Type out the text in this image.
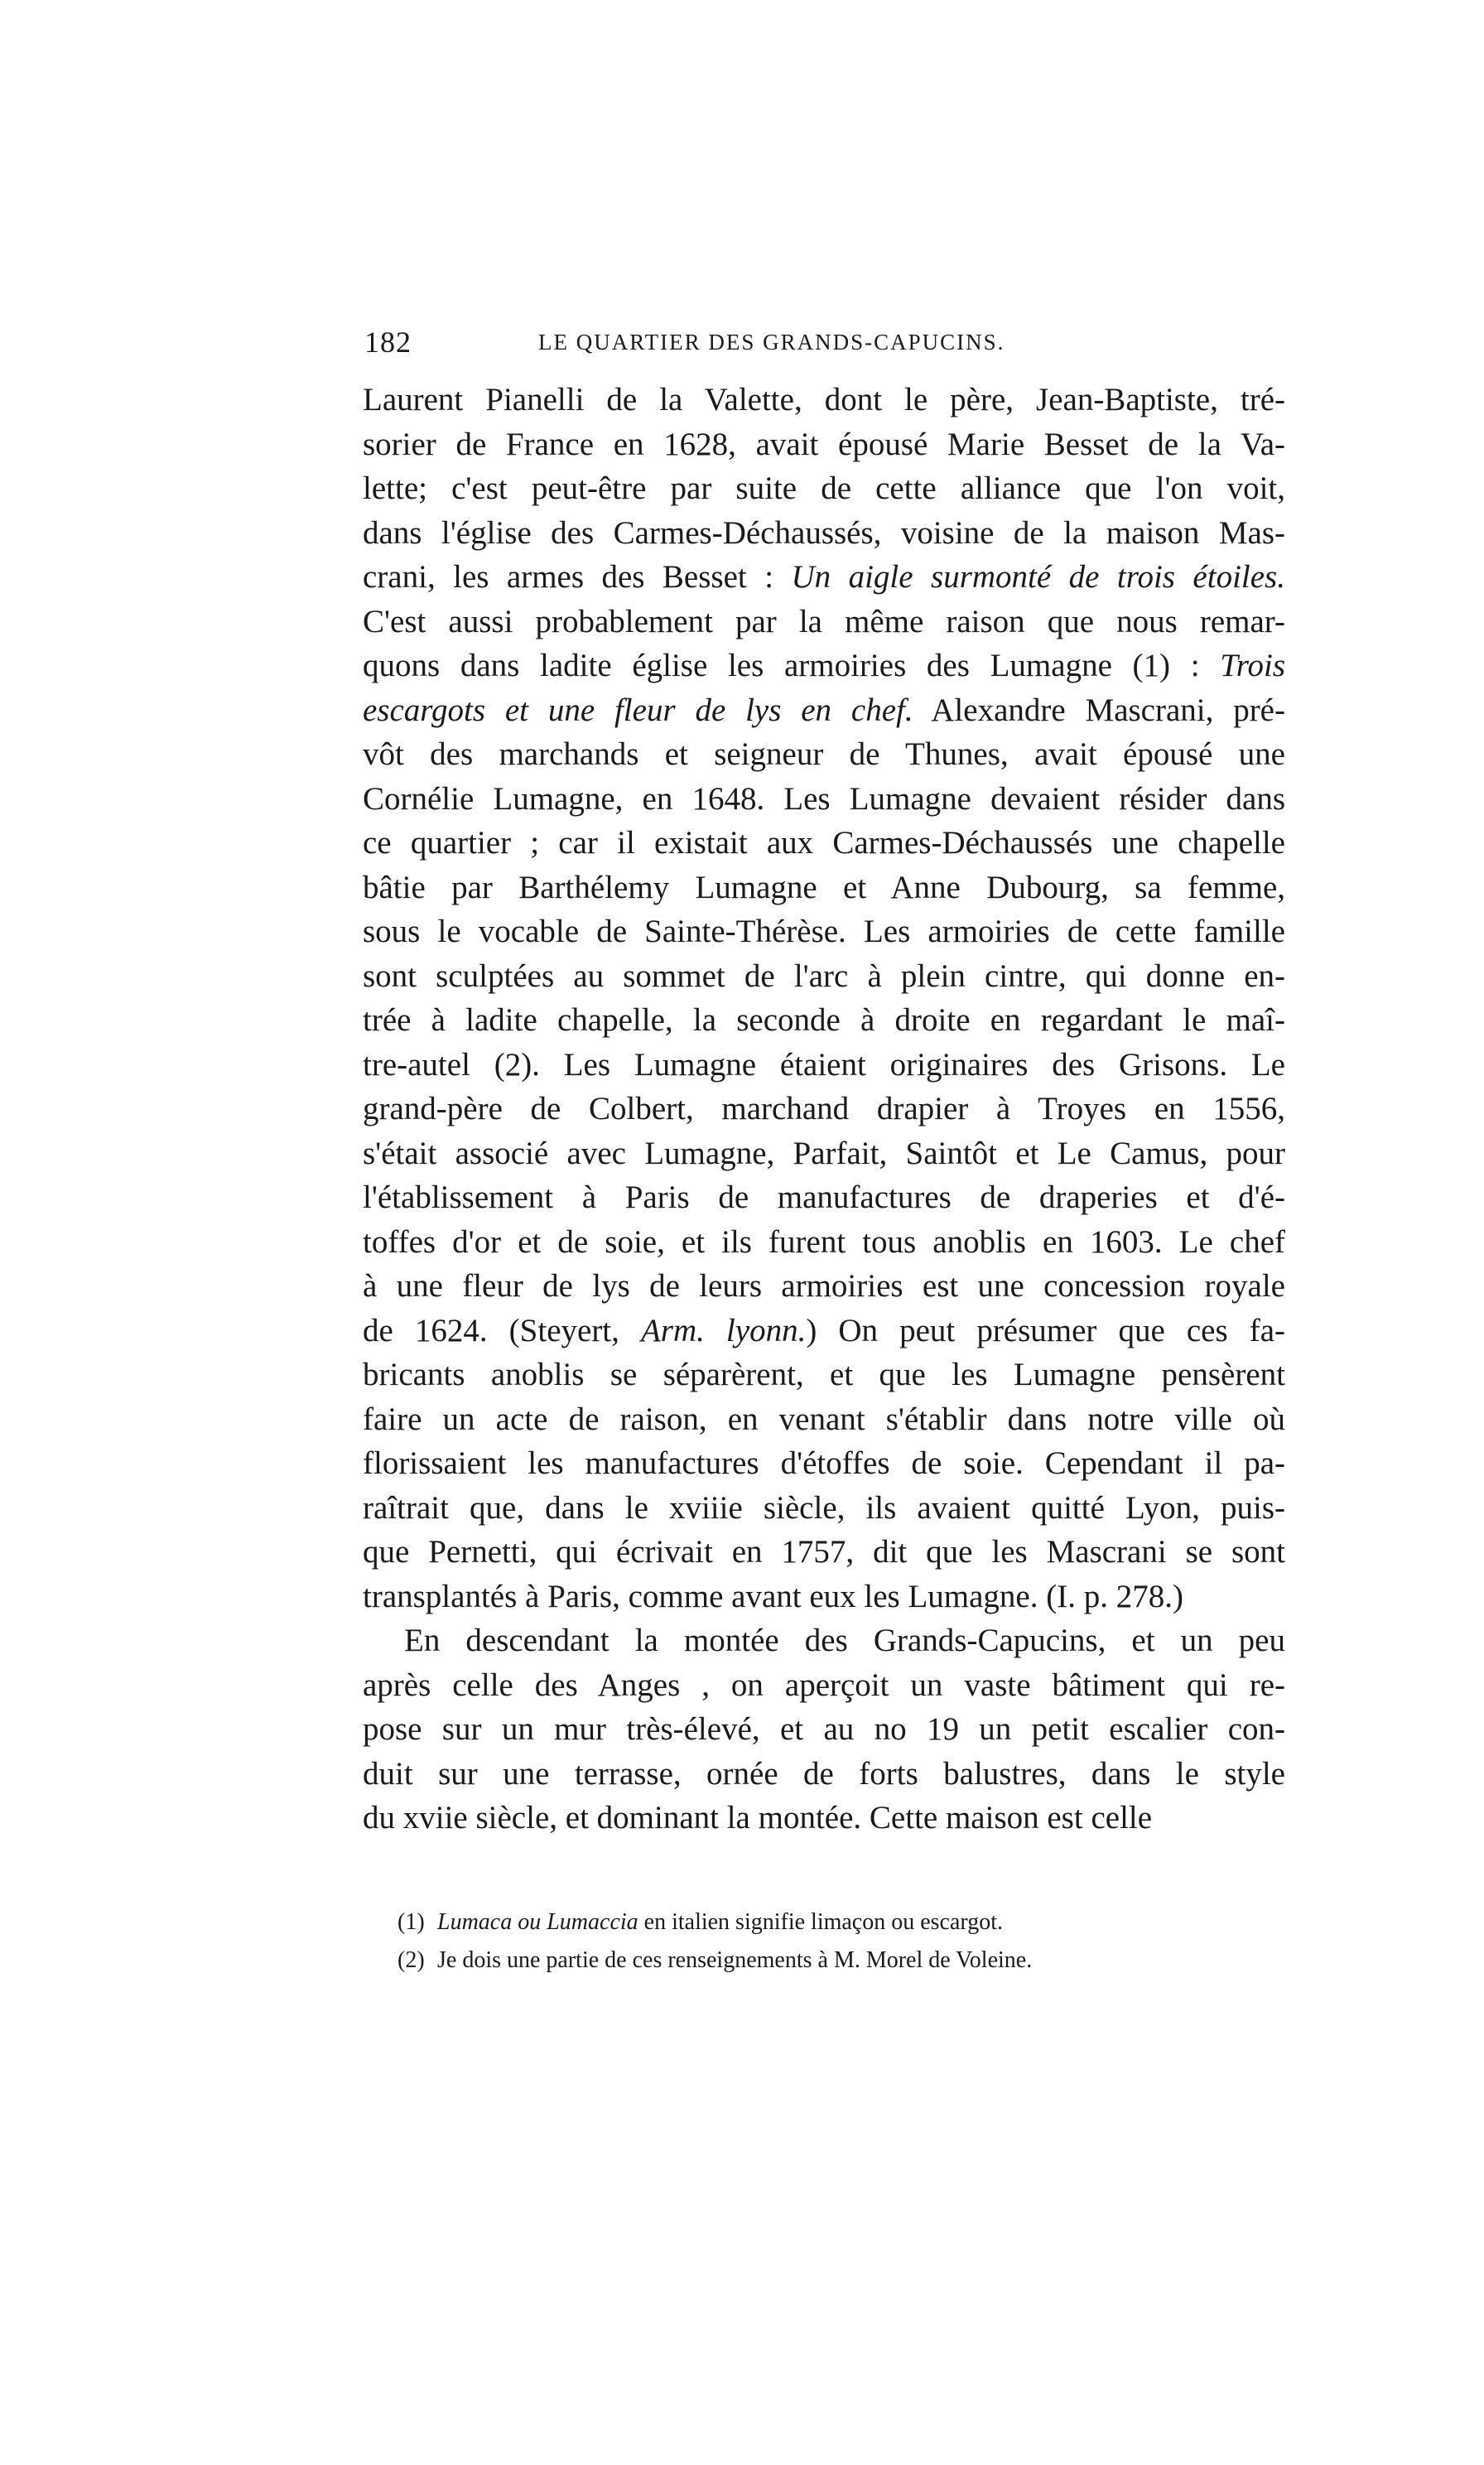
182	LE QUARTIER DES GRANDS-CAPUCINS.
Laurent Pianelli de la Valette, dont le père, Jean-Baptiste, tré-
sorier de France en 1628, avait épousé Marie Besset de la Va-
lette; c'est peut-être par suite de cette alliance que l'on voit,
dans l'église des Carmes-Déchaussés, voisine de la maison Mas-
crani, les armes des Besset : Un aigle surmonté de trois étoiles.
C'est aussi probablement par la même raison que nous remar-
quons dans ladite église les armoiries des Lumagne (1) : Trois
escargots et une fleur de lys en chef. Alexandre Mascrani, pré-
vôt des marchands et seigneur de Thunes, avait épousé une
Cornélie Lumagne, en 1648. Les Lumagne devaient résider dans
ce quartier ; car il existait aux Carmes-Déchaussés une chapelle
bâtie par Barthélemy Lumagne et Anne Dubourg, sa femme,
sous le vocable de Sainte-Thérèse. Les armoiries de cette famille
sont sculptées au sommet de l'arc à plein cintre, qui donne en-
trée à ladite chapelle, la seconde à droite en regardant le maî-
tre-autel (2). Les Lumagne étaient originaires des Grisons. Le
grand-père de Colbert, marchand drapier à Troyes en 1556,
s'était associé avec Lumagne, Parfait, Saintôt et Le Camus, pour
l'établissement à Paris de manufactures de draperies et d'é-
toffes d'or et de soie, et ils furent tous anoblis en 1603. Le chef
à une fleur de lys de leurs armoiries est une concession royale
de 1624. (Steyert, Arm. lyonn.) On peut présumer que ces fa-
bricants anoblis se séparèrent, et que les Lumagne pensèrent
faire un acte de raison, en venant s'établir dans notre ville où
florissaient les manufactures d'étoffes de soie. Cependant il pa-
raîtrait que, dans le xviiie siècle, ils avaient quitté Lyon, puis-
que Pernetti, qui écrivait en 1757, dit que les Mascrani se sont
transplantés à Paris, comme avant eux les Lumagne. (I. p. 278.)
En descendant la montée des Grands-Capucins, et un peu
après celle des Anges , on aperçoit un vaste bâtiment qui re-
pose sur un mur très-élevé, et au no 19 un petit escalier con-
duit sur une terrasse, ornée de forts balustres, dans le style
du xviie siècle, et dominant la montée. Cette maison est celle
(1) Lumaca ou Lumaccia en italien signifie limaçon ou escargot.
(2) Je dois une partie de ces renseignements à M. Morel de Voleine.
